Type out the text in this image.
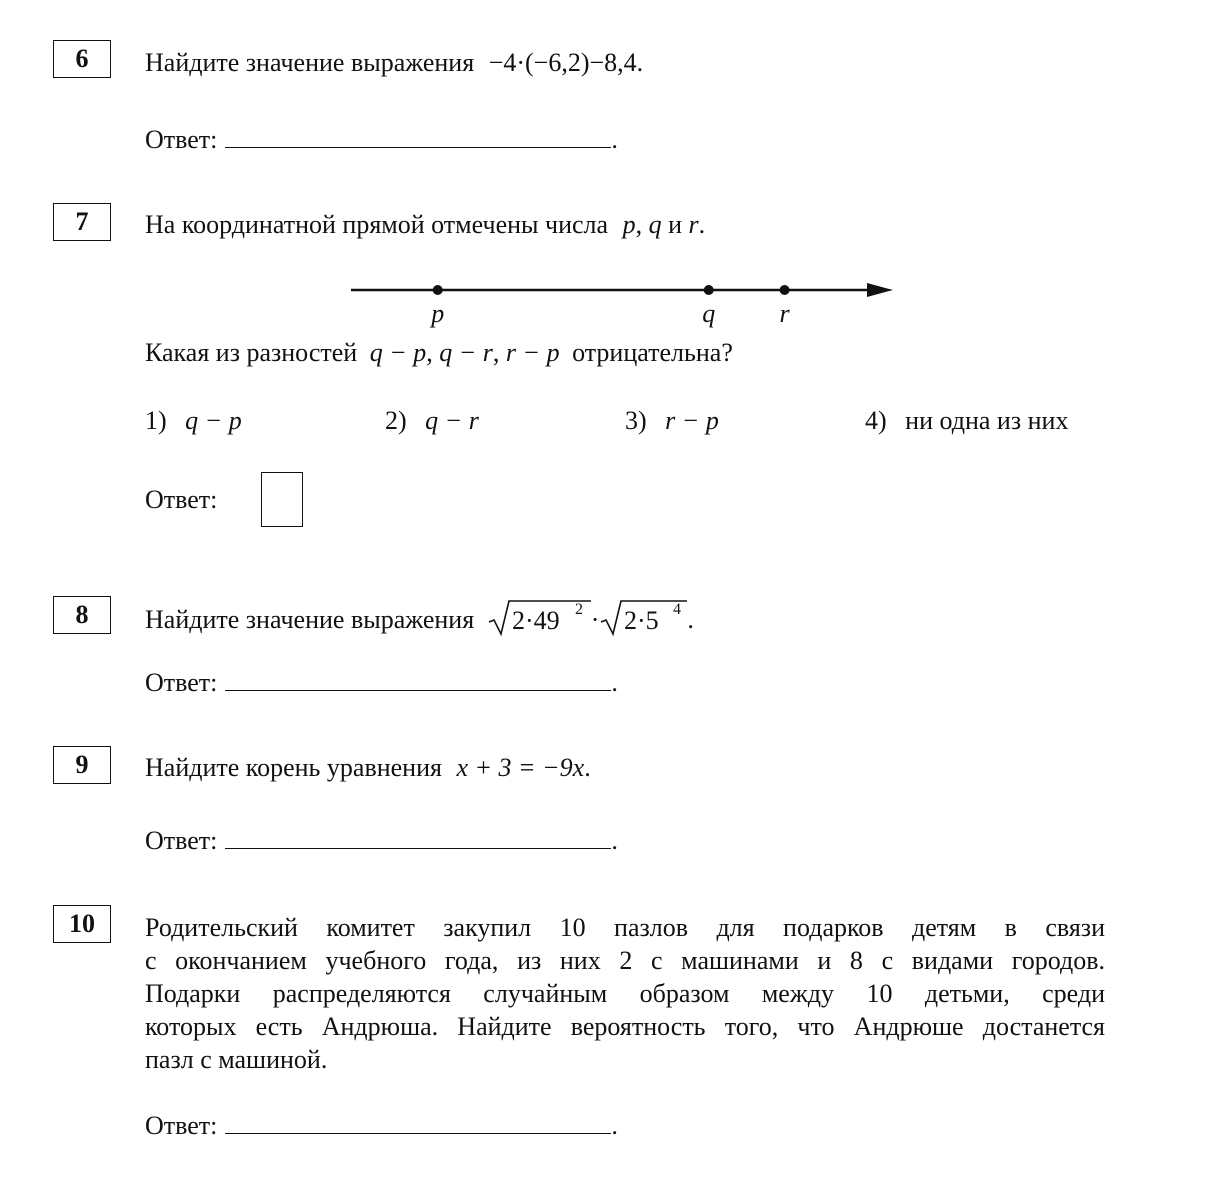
6	Найдите значение выражения −4·(−6,2)−8,4.
Ответ:	.
7	На координатной прямой отмечены числа p, q и r.
p	q r
Какая из разностей q − p, q − r, r − p отрицательна?
1) q − p	2) q − r	3) r − p	4) ни одна из них
Ответ:
8	Найдите значение выражения 2·49 2 · 2·5 4 .
Ответ:	.
9	Найдите корень уравнения x + 3 = −9x.
Ответ:	.
10	Родительский комитет закупил 10 пазлов для подарков детям в связи
с окончанием учебного года, из них 2 с машинами и 8 с видами городов.
Подарки распределяются случайным образом между 10 детьми, среди
которых есть Андрюша. Найдите вероятность того, что Андрюше достанется
пазл с машиной.
Ответ:	.
